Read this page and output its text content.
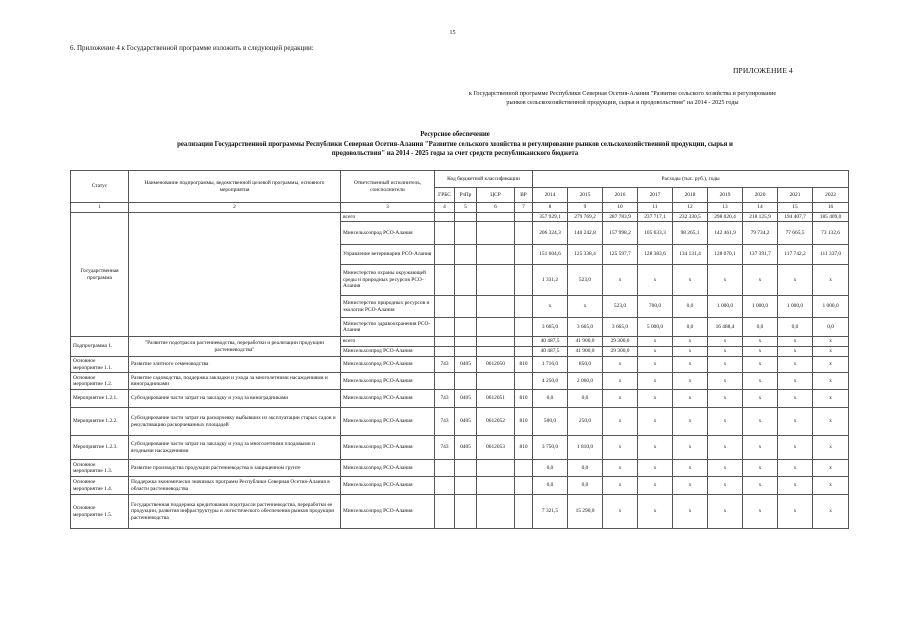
15
6. Приложение 4 к Государственной программе изложить в следующей редакции:
ПРИЛОЖЕНИЕ 4
к Государственной программе Республики Северная Осетия-Алания "Развитие сельского хозяйства и регулирование
рынков сельскохозяйственной продукции, сырья и продовольствия" на 2014 - 2025 годы
Ресурсное обеспечение
реализации Государственной программы Республики Северная Осетия-Алания "Развитие сельского хозяйства и регулирование рынков сельскохозяйственной продукции, сырья и
продовольствия" на 2014 - 2025 годы за счет средств республиканского бюджета
Статус	Наименование подпрограммы, ведомственной целевой программы, основного мероприятия	Ответственный исполнитель, соисполнители	Код бюджетной классификации				Расходы (тыс. руб.), годы								
			ГРБС	РзПр	ЦСР	ВР	2014	2015	2016	2017	2018	2019	2020	2021	2022
1	2	3	4	5	6	7	8	9	10	11	12	13	14	15	16
Государственная программа		всего					357 929,1	279 769,2	287 783,9	237 717,1	232 330,5	298 020,4	218 125,9	194 407,7	185 409,0
		Минсельхозпрод РСО-Алания					206 324,3	140 242,8	157 998,2	105 633,3	98 265,1	142 461,9	79 734,2	77 665,5	73 132,6
		Управление ветеринарии РСО-Алания					151 604,6	125 338,4	125 597,7	128 383,6	134 131,4	128 070,1	137 391,7	117 742,2	111 337,0
		Министерство охраны окружающей среды и природных ресурсов РСО-Алания					1 331,2	523,0	x	x	x	x	x	x	x
		Министерство природных ресурсов и экологии РСО-Алания					x	x	523,0	700,0	0,0	1 000,0	1 000,0	1 000,0	1 000,0
		Министерство здравоохранения РСО-Алания					3 665,0	3 665,0	3 665,0	5 000,0	0,0	16 488,4	0,0	0,0	0,0
Подпрограмма 1.	"Развитие подотрасли растениеводства, переработки и реализации продукции растениеводства"	всего					40 487,5	41 900,0	29 300,0	x	x	x	x	x	x
		Минсельхозпрод РСО-Алания					40 487,5	41 900,0	29 300,0	x	x	x	x	x	x
Основное мероприятие 1.1.	Развитие элитного семеноводства	Минсельхозпрод РСО-Алания	743	0405	0612050	810	1 716,0	850,0	x	x	x	x	x	x	x
Основное мероприятие 1.2.	Развитие садоводства, поддержка закладки и ухода за многолетними насаждениями и виноградниками	Минсельхозпрод РСО-Алания					4 250,0	2 060,0	x	x	x	x	x	x	x
Мероприятие 1.2.1.	Субсидирование части затрат на закладку и уход за виноградниками	Минсельхозпрод РСО-Алания	743	0405	0612051	810	0,0	0,0	x	x	x	x	x	x	x
Мероприятие 1.2.2.	Субсидирование части затрат на раскорчевку выбывших из эксплуатации старых садов и рекультивацию раскорчеванных площадей	Минсельхозпрод РСО-Алания	743	0405	0612052	810	500,0	250,0	x	x	x	x	x	x	x
Мероприятие 1.2.3.	Субсидирование части затрат на закладку и уход за многолетними плодовыми и ягодными насаждениями	Минсельхозпрод РСО-Алания	743	0405	0612053	810	3 750,0	1 810,0	x	x	x	x	x	x	x
Основное мероприятие 1.3.	Развитие производства продукции растениеводства в защищенном грунте	Минсельхозпрод РСО-Алания					0,0	0,0	x	x	x	x	x	x	x
Основное мероприятие 1.4.	Поддержка экономически значимых программ Республики Северная Осетия-Алания в области растениеводства	Минсельхозпрод РСО-Алания					0,0	0,0	x	x	x	x	x	x	x
Основное мероприятие 1.5.	Государственная поддержка кредитования подотрасли растениеводства, переработки ее продукции, развития инфраструктуры и логистического обеспечения рынков продукции растениеводства	Минсельхозпрод РСО-Алания					7 321,5	15 290,0	x	x	x	x	x	x	x
